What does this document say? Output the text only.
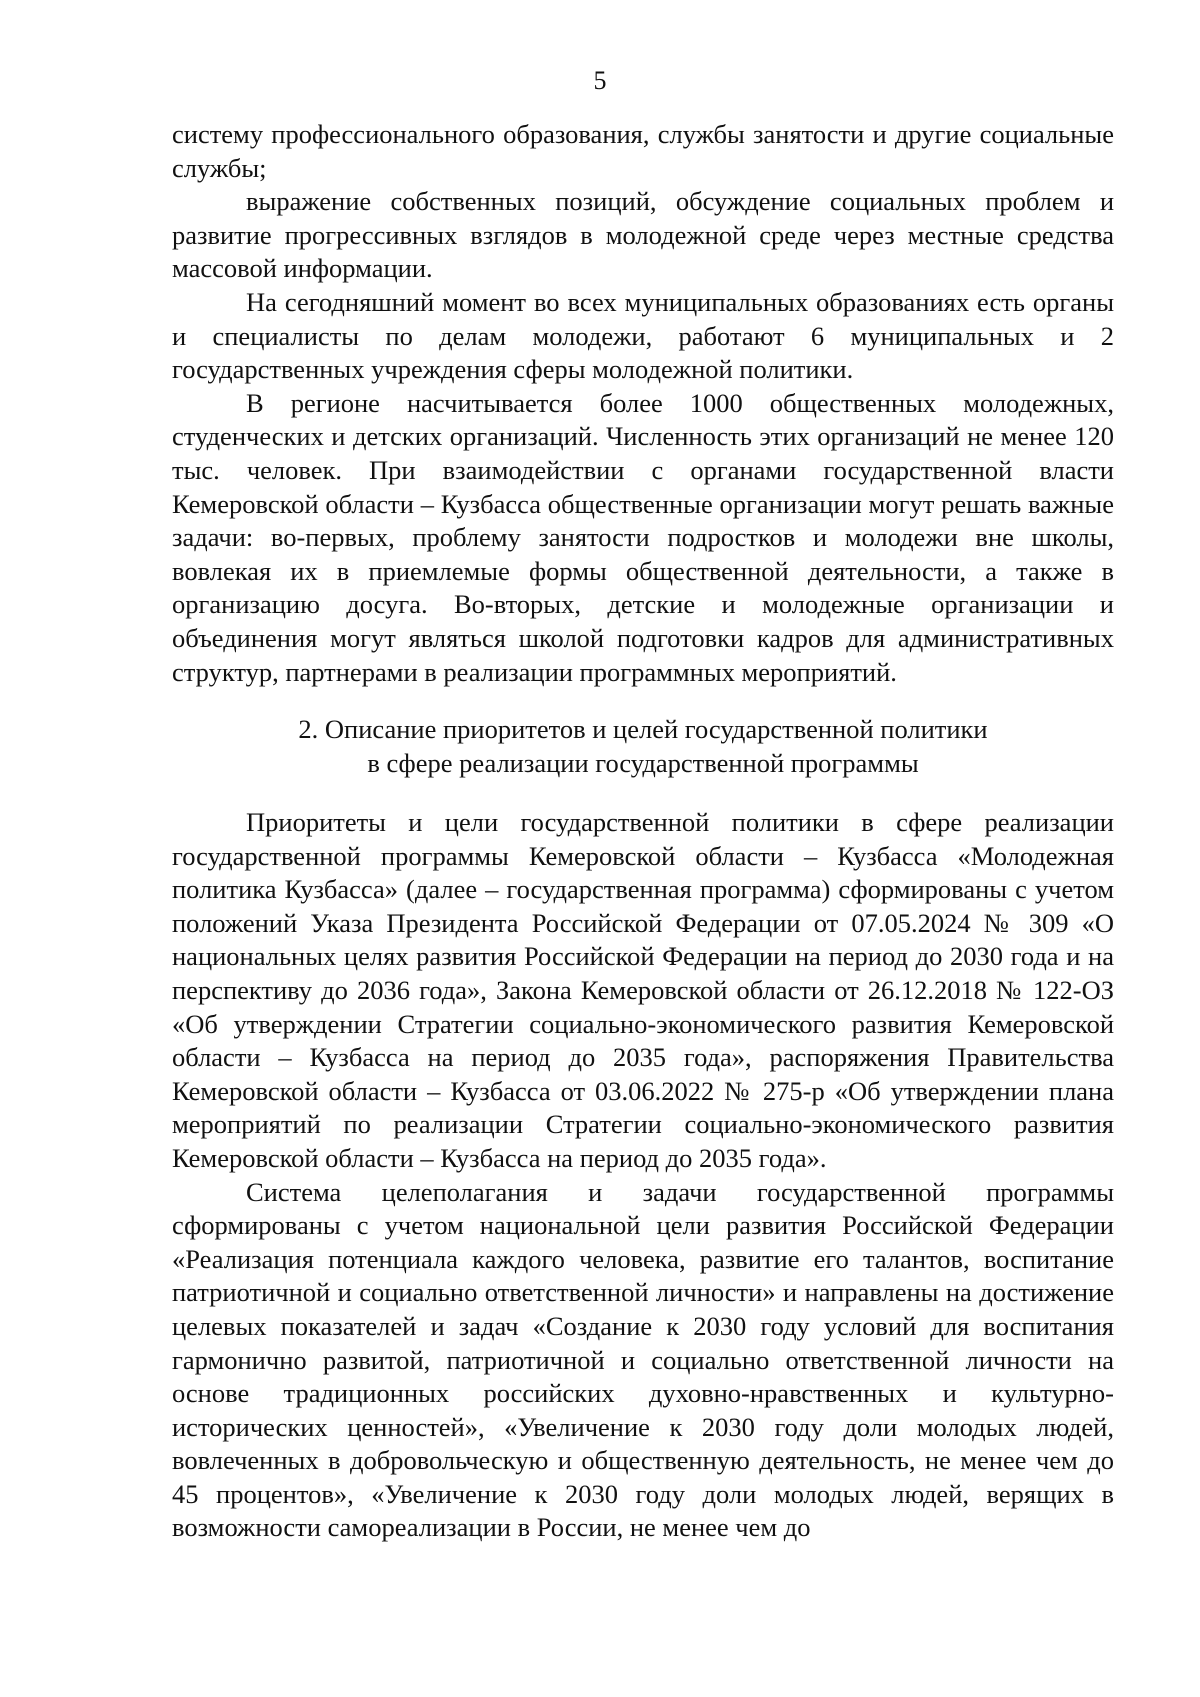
5

систему профессионального образования, службы занятости и другие социальные службы;

выражение собственных позиций, обсуждение социальных проблем и развитие прогрессивных взглядов в молодежной среде через местные средства массовой информации.

На сегодняшний момент во всех муниципальных образованиях есть органы и специалисты по делам молодежи, работают 6 муниципальных и 2 государственных учреждения сферы молодежной политики.

В регионе насчитывается более 1000 общественных молодежных, студенческих и детских организаций. Численность этих организаций не менее 120 тыс. человек. При взаимодействии с органами государственной власти Кемеровской области – Кузбасса общественные организации могут решать важные задачи: во-первых, проблему занятости подростков и молодежи вне школы, вовлекая их в приемлемые формы общественной деятельности, а также в организацию досуга. Во-вторых, детские и молодежные организации и объединения могут являться школой подготовки кадров для административных структур, партнерами в реализации программных мероприятий.

2. Описание приоритетов и целей государственной политики
в сфере реализации государственной программы

Приоритеты и цели государственной политики в сфере реализации государственной программы Кемеровской области – Кузбасса «Молодежная политика Кузбасса» (далее – государственная программа) сформированы с учетом положений Указа Президента Российской Федерации от 07.05.2024 № 309 «О национальных целях развития Российской Федерации на период до 2030 года и на перспективу до 2036 года», Закона Кемеровской области от 26.12.2018 № 122-ОЗ «Об утверждении Стратегии социально-экономического развития Кемеровской области – Кузбасса на период до 2035 года», распоряжения Правительства Кемеровской области – Кузбасса от 03.06.2022 № 275-р «Об утверждении плана мероприятий по реализации Стратегии социально-экономического развития Кемеровской области – Кузбасса на период до 2035 года».

Система целеполагания и задачи государственной программы сформированы с учетом национальной цели развития Российской Федерации «Реализация потенциала каждого человека, развитие его талантов, воспитание патриотичной и социально ответственной личности» и направлены на достижение целевых показателей и задач «Создание к 2030 году условий для воспитания гармонично развитой, патриотичной и социально ответственной личности на основе традиционных российских духовно-нравственных и культурно-исторических ценностей», «Увеличение к 2030 году доли молодых людей, вовлеченных в добровольческую и общественную деятельность, не менее чем до 45 процентов», «Увеличение к 2030 году доли молодых людей, верящих в возможности самореализации в России, не менее чем до
